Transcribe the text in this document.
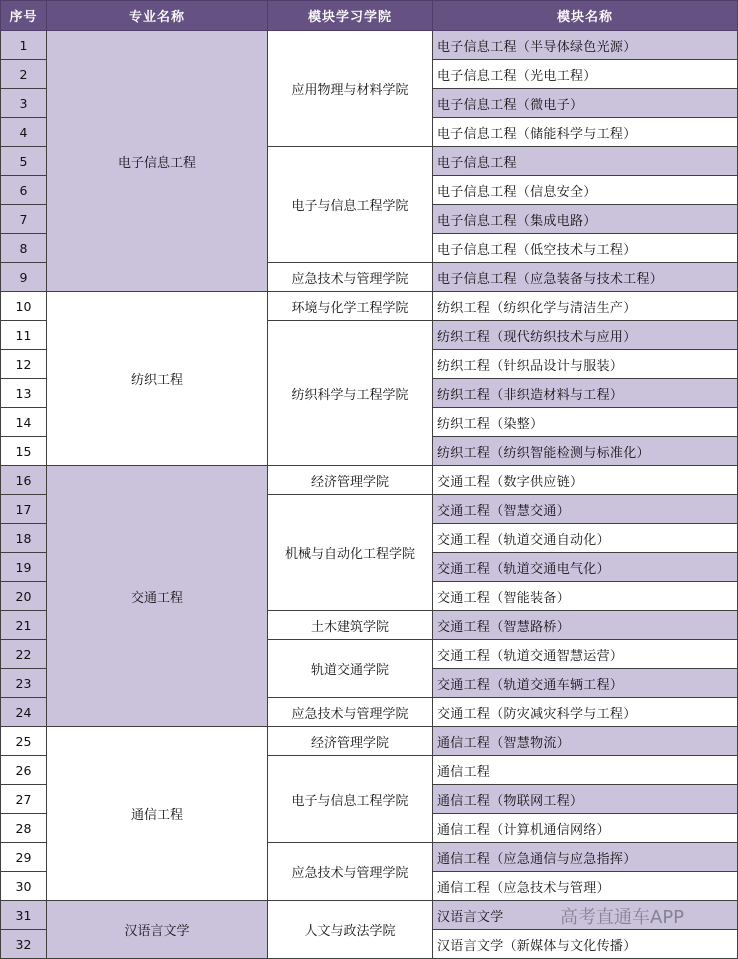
序号	专业名称	模块学习学院	模块名称
1	电子信息工程	应用物理与材料学院	电子信息工程（半导体绿色光源）
2			电子信息工程（光电工程）
3			电子信息工程（微电子）
4			电子信息工程（储能科学与工程）
5		电子与信息工程学院	电子信息工程
6			电子信息工程（信息安全）
7			电子信息工程（集成电路）
8			电子信息工程（低空技术与工程）
9		应急技术与管理学院	电子信息工程（应急装备与技术工程）
10	纺织工程	环境与化学工程学院	纺织工程（纺织化学与清洁生产）
11		纺织科学与工程学院	纺织工程（现代纺织技术与应用）
12			纺织工程（针织品设计与服装）
13			纺织工程（非织造材料与工程）
14			纺织工程（染整）
15			纺织工程（纺织智能检测与标准化）
16	交通工程	经济管理学院	交通工程（数字供应链）
17		机械与自动化工程学院	交通工程（智慧交通）
18			交通工程（轨道交通自动化）
19			交通工程（轨道交通电气化）
20			交通工程（智能装备）
21		土木建筑学院	交通工程（智慧路桥）
22		轨道交通学院	交通工程（轨道交通智慧运营）
23			交通工程（轨道交通车辆工程）
24		应急技术与管理学院	交通工程（防灾减灾科学与工程）
25	通信工程	经济管理学院	通信工程（智慧物流）
26		电子与信息工程学院	通信工程
27			通信工程（物联网工程）
28			通信工程（计算机通信网络）
29		应急技术与管理学院	通信工程（应急通信与应急指挥）
30			通信工程（应急技术与管理）
31	汉语言文学	人文与政法学院	汉语言文学
32			汉语言文学（新媒体与文化传播）
高考直通车APP
